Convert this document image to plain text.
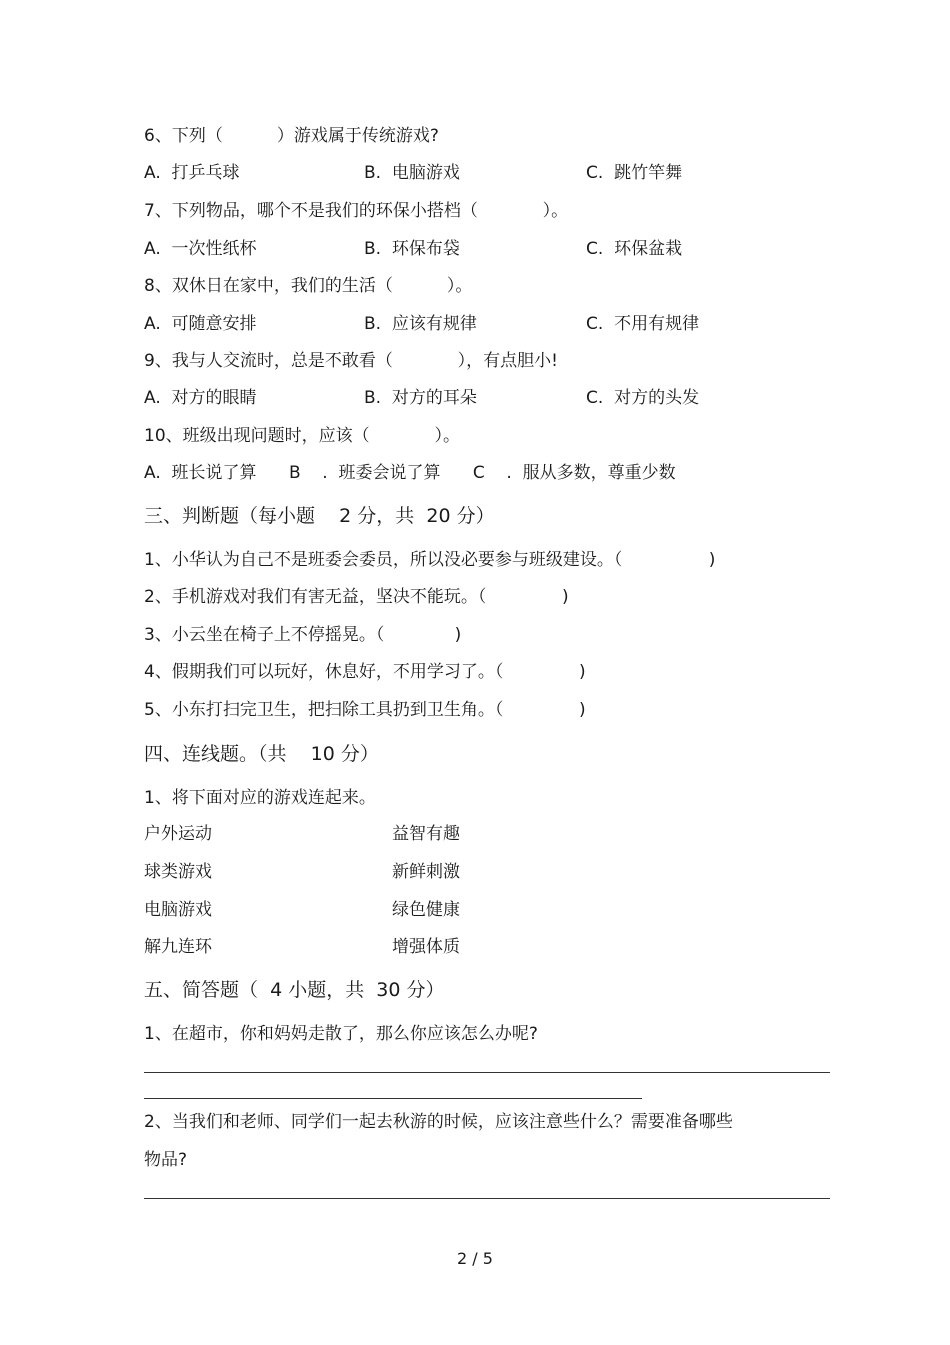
6、下列（          ）游戏属于传统游戏?
A.  打乒乓球	B.  电脑游戏	C.  跳竹竿舞
7、下列物品，哪个不是我们的环保小搭档（            ）。
A.  一次性纸杯	B.  环保布袋	C.  环保盆栽
8、双休日在家中，我们的生活（          ）。
A.  可随意安排	B.  应该有规律	C.  不用有规律
9、我与人交流时，总是不敢看（            ），有点胆小!
A.  对方的眼睛	B.  对方的耳朵	C.  对方的头发
10、班级出现问题时，应该（            ）。
A.  班长说了算      B    .  班委会说了算      C    .  服从多数，尊重少数
三、判断题（每小题    2 分，共  20 分）
1、小华认为自己不是班委会委员，所以没必要参与班级建设。（                )
2、手机游戏对我们有害无益，坚决不能玩。（              )
3、小云坐在椅子上不停摇晃。（             )
4、假期我们可以玩好，休息好，不用学习了。（              )
5、小东打扫完卫生，把扫除工具扔到卫生角。（              )
四、连线题。（共    10 分）
1、将下面对应的游戏连起来。
户外运动	益智有趣
球类游戏	新鲜刺激
电脑游戏	绿色健康
解九连环	增强体质
五、简答题（  4 小题，共  30 分）
1、在超市，你和妈妈走散了，那么你应该怎么办呢?
2、当我们和老师、同学们一起去秋游的时候，应该注意些什么？需要准备哪些
物品?
2 / 5
